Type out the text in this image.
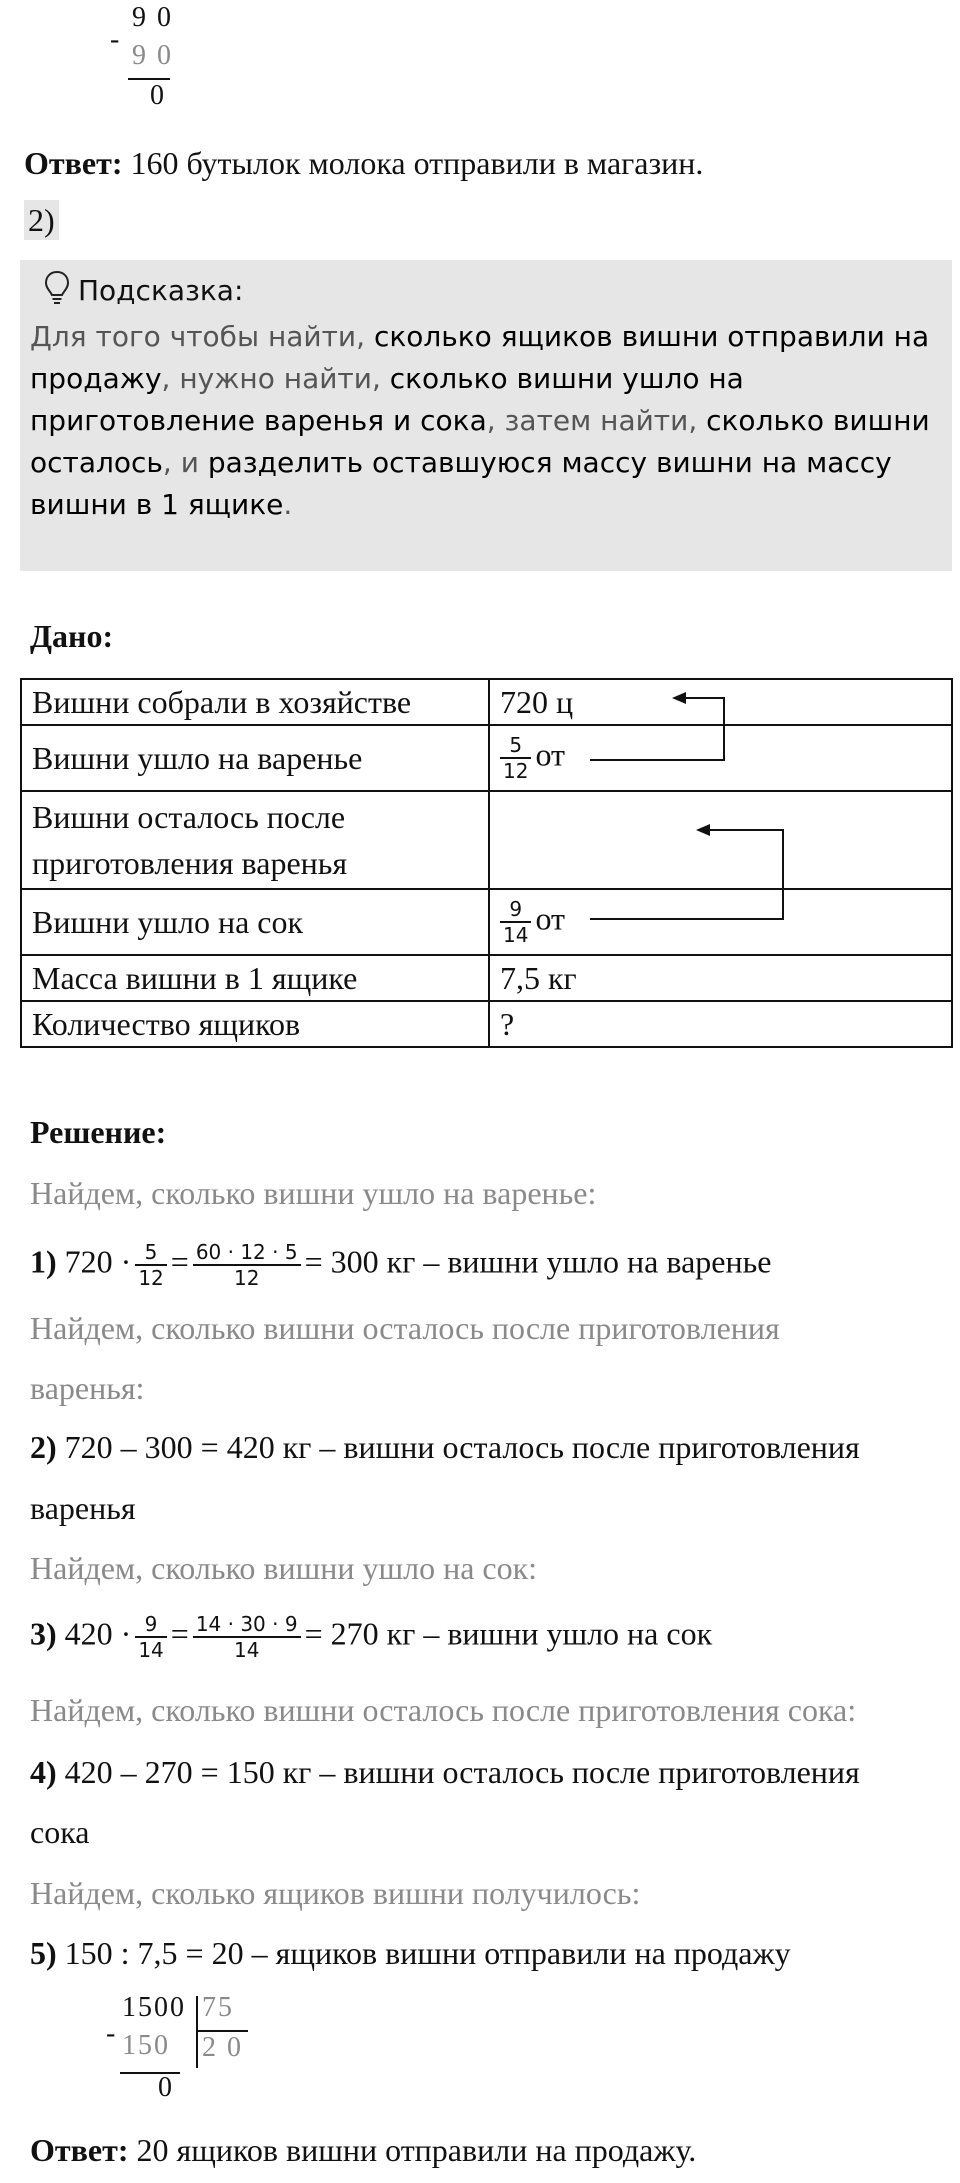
-
9 0
9 0
0
Ответ: 160 бутылок молока отправили в магазин.
2)
Подсказка:
Для того чтобы найти, сколько ящиков вишни отправили на продажу, нужно найти, сколько вишни ушло на приготовление варенья и сока, затем найти, сколько вишни осталось, и разделить оставшуюся массу вишни на массу вишни в 1 ящике.
Дано:
Вишни собрали в хозяйстве	720 ц
Вишни ушло на варенье	$\frac{5}{12}$ от
Вишни осталось после приготовления варенья	
Вишни ушло на сок	$\frac{9}{14}$ от
Масса вишни в 1 ящике	7,5 кг
Количество ящиков	?
Решение:
Найдем, сколько вишни ушло на варенье:
1) $720 \cdot \frac{5}{12} = \frac{60 \cdot 12 \cdot 5}{12} = 300$ кг – вишни ушло на варенье
Найдем, сколько вишни осталось после приготовления
варенья:
2) 720 – 300 = 420 кг – вишни осталось после приготовления
варенья
Найдем, сколько вишни ушло на сок:
3) $420 \cdot \frac{9}{14} = \frac{14 \cdot 30 \cdot 9}{14} = 270$ кг – вишни ушло на сок
Найдем, сколько вишни осталось после приготовления сока:
4) 420 – 270 = 150 кг – вишни осталось после приготовления
сока
Найдем, сколько ящиков вишни получилось:
5) 150 : 7,5 = 20 – ящиков вишни отправили на продажу
-
1500 75
150 2 0
0
Ответ: 20 ящиков вишни отправили на продажу.
